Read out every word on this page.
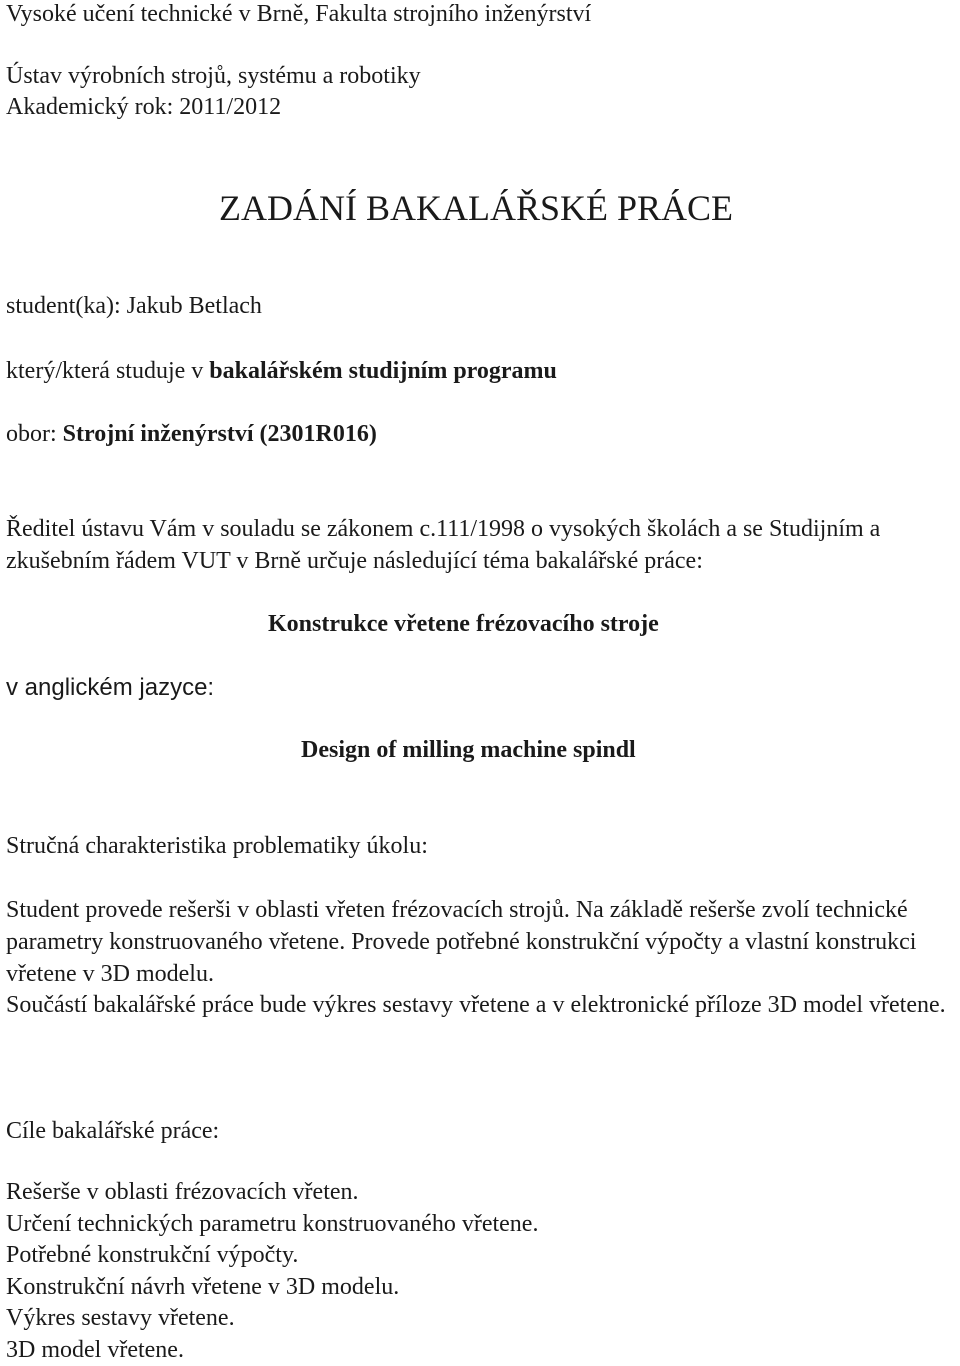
Vysoké učení technické v Brně, Fakulta strojního inženýrství

Ústav výrobních strojů, systému a robotiky

Akademický rok: 2011/2012

ZADÁNÍ BAKALÁŘSKÉ PRÁCE

student(ka): Jakub Betlach

který/která studuje v bakalářském studijním programu

obor: Strojní inženýrství (2301R016)

Ředitel ústavu Vám v souladu se zákonem c.111/1998 o vysokých školách a se Studijním a zkušebním řádem VUT v Brně určuje následující téma bakalářské práce:

Konstrukce vřetene frézovacího stroje

v anglickém jazyce:

Design of milling machine spindl

Stručná charakteristika problematiky úkolu:

Student provede rešerši v oblasti vřeten frézovacích strojů. Na základě rešerše zvolí technické parametry konstruovaného vřetene. Provede potřebné konstrukční výpočty a vlastní konstrukci vřetene v 3D modelu.

Součástí bakalářské práce bude výkres sestavy vřetene a v elektronické příloze 3D model vřetene.

Cíle bakalářské práce:

Rešerše v oblasti frézovacích vřeten.
Určení technických parametru konstruovaného vřetene.
Potřebné konstrukční výpočty.
Konstrukční návrh vřetene v 3D modelu.
Výkres sestavy vřetene.
3D model vřetene.
